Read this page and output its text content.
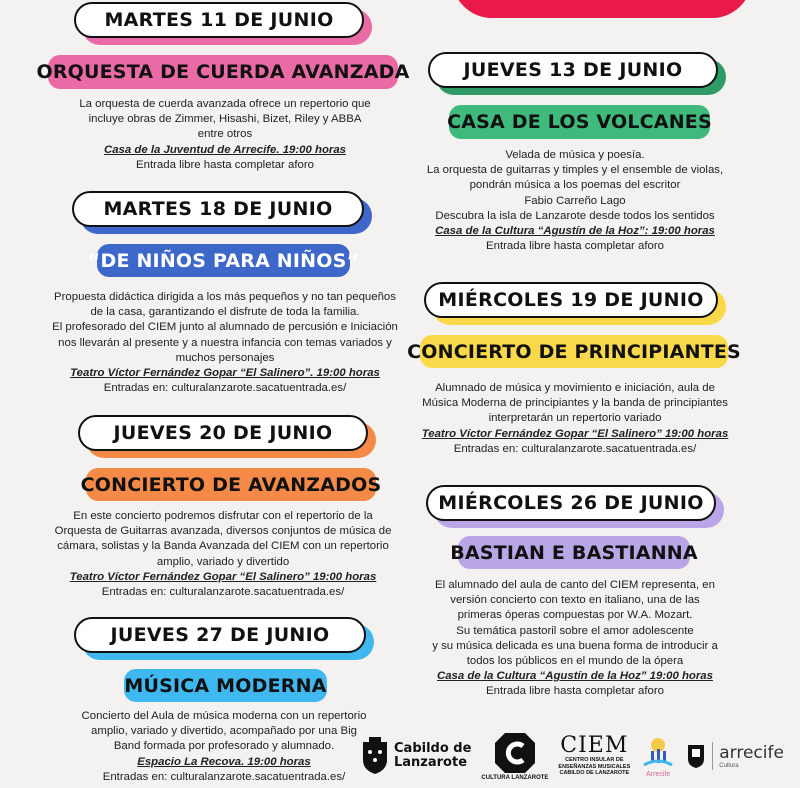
MARTES 11 DE JUNIO
ORQUESTA DE CUERDA AVANZADA
La orquesta de cuerda avanzada ofrece un repertorio que
incluye obras de Zimmer, Hisashi, Bizet, Riley y ABBA
entre otros
Casa de la Juventud de Arrecife. 19:00 horas
Entrada libre hasta completar aforo
JUEVES 13 DE JUNIO
CASA DE LOS VOLCANES
Velada de música y poesía.
La orquesta de guitarras y timples y el ensemble de violas,
pondrán música a los poemas del escritor
Fabio Carreño Lago
Descubra la isla de Lanzarote desde todos los sentidos
Casa de la Cultura “Agustín de la Hoz”: 19:00 horas
Entrada libre hasta completar aforo
MARTES 18 DE JUNIO
“DE NIÑOS PARA NIÑOS”
Propuesta didáctica dirigida a los más pequeños y no tan pequeños
de la casa, garantizando el disfrute de toda la familia.
El profesorado del CIEM junto al alumnado de percusión e Iniciación
nos llevarán al presente y a nuestra infancia con temas variados y
muchos personajes
Teatro Víctor Fernández Gopar “El Salinero”. 19:00 horas
Entradas en: culturalanzarote.sacatuentrada.es/
MIÉRCOLES 19 DE JUNIO
CONCIERTO DE PRINCIPIANTES
Alumnado de música y movimiento e iniciación, aula de
Música Moderna de principiantes y la banda de principiantes
interpretarán un repertorio variado
Teatro Víctor Fernández Gopar “El Salinero” 19:00 horas
Entradas en: culturalanzarote.sacatuentrada.es/
JUEVES 20 DE JUNIO
CONCIERTO DE AVANZADOS
En este concierto podremos disfrutar con el repertorio de la
Orquesta de Guitarras avanzada, diversos conjuntos de música de
cámara, solistas y la Banda Avanzada del CIEM con un repertorio
amplio, variado y divertido
Teatro Víctor Fernández Gopar “El Salinero” 19:00 horas
Entradas en: culturalanzarote.sacatuentrada.es/
MIÉRCOLES 26 DE JUNIO
BASTIAN E BASTIANNA
El alumnado del aula de canto del CIEM representa, en
versión concierto con texto en italiano, una de las
primeras óperas compuestas por W.A. Mozart.
Su temática pastoril sobre el amor adolescente
y su música delicada es una buena forma de introducir a
todos los públicos en el mundo de la ópera
Casa de la Cultura “Agustín de la Hoz” 19:00 horas
Entrada libre hasta completar aforo
JUEVES 27 DE JUNIO
MÚSICA MODERNA
Concierto del Aula de música moderna con un repertorio
amplio, variado y divertido, acompañado por una Big
Band formada por profesorado y alumnado.
Espacio La Recova. 19:00 horas
Entradas en: culturalanzarote.sacatuentrada.es/
Cabildo de
Lanzarote
CULTURA LANZAROTE
CIEM
CENTRO INSULAR DE
ENSEÑANZAS MUSICALES
CABILDO DE LANZAROTE Arrecife
arrecife
Cultura
